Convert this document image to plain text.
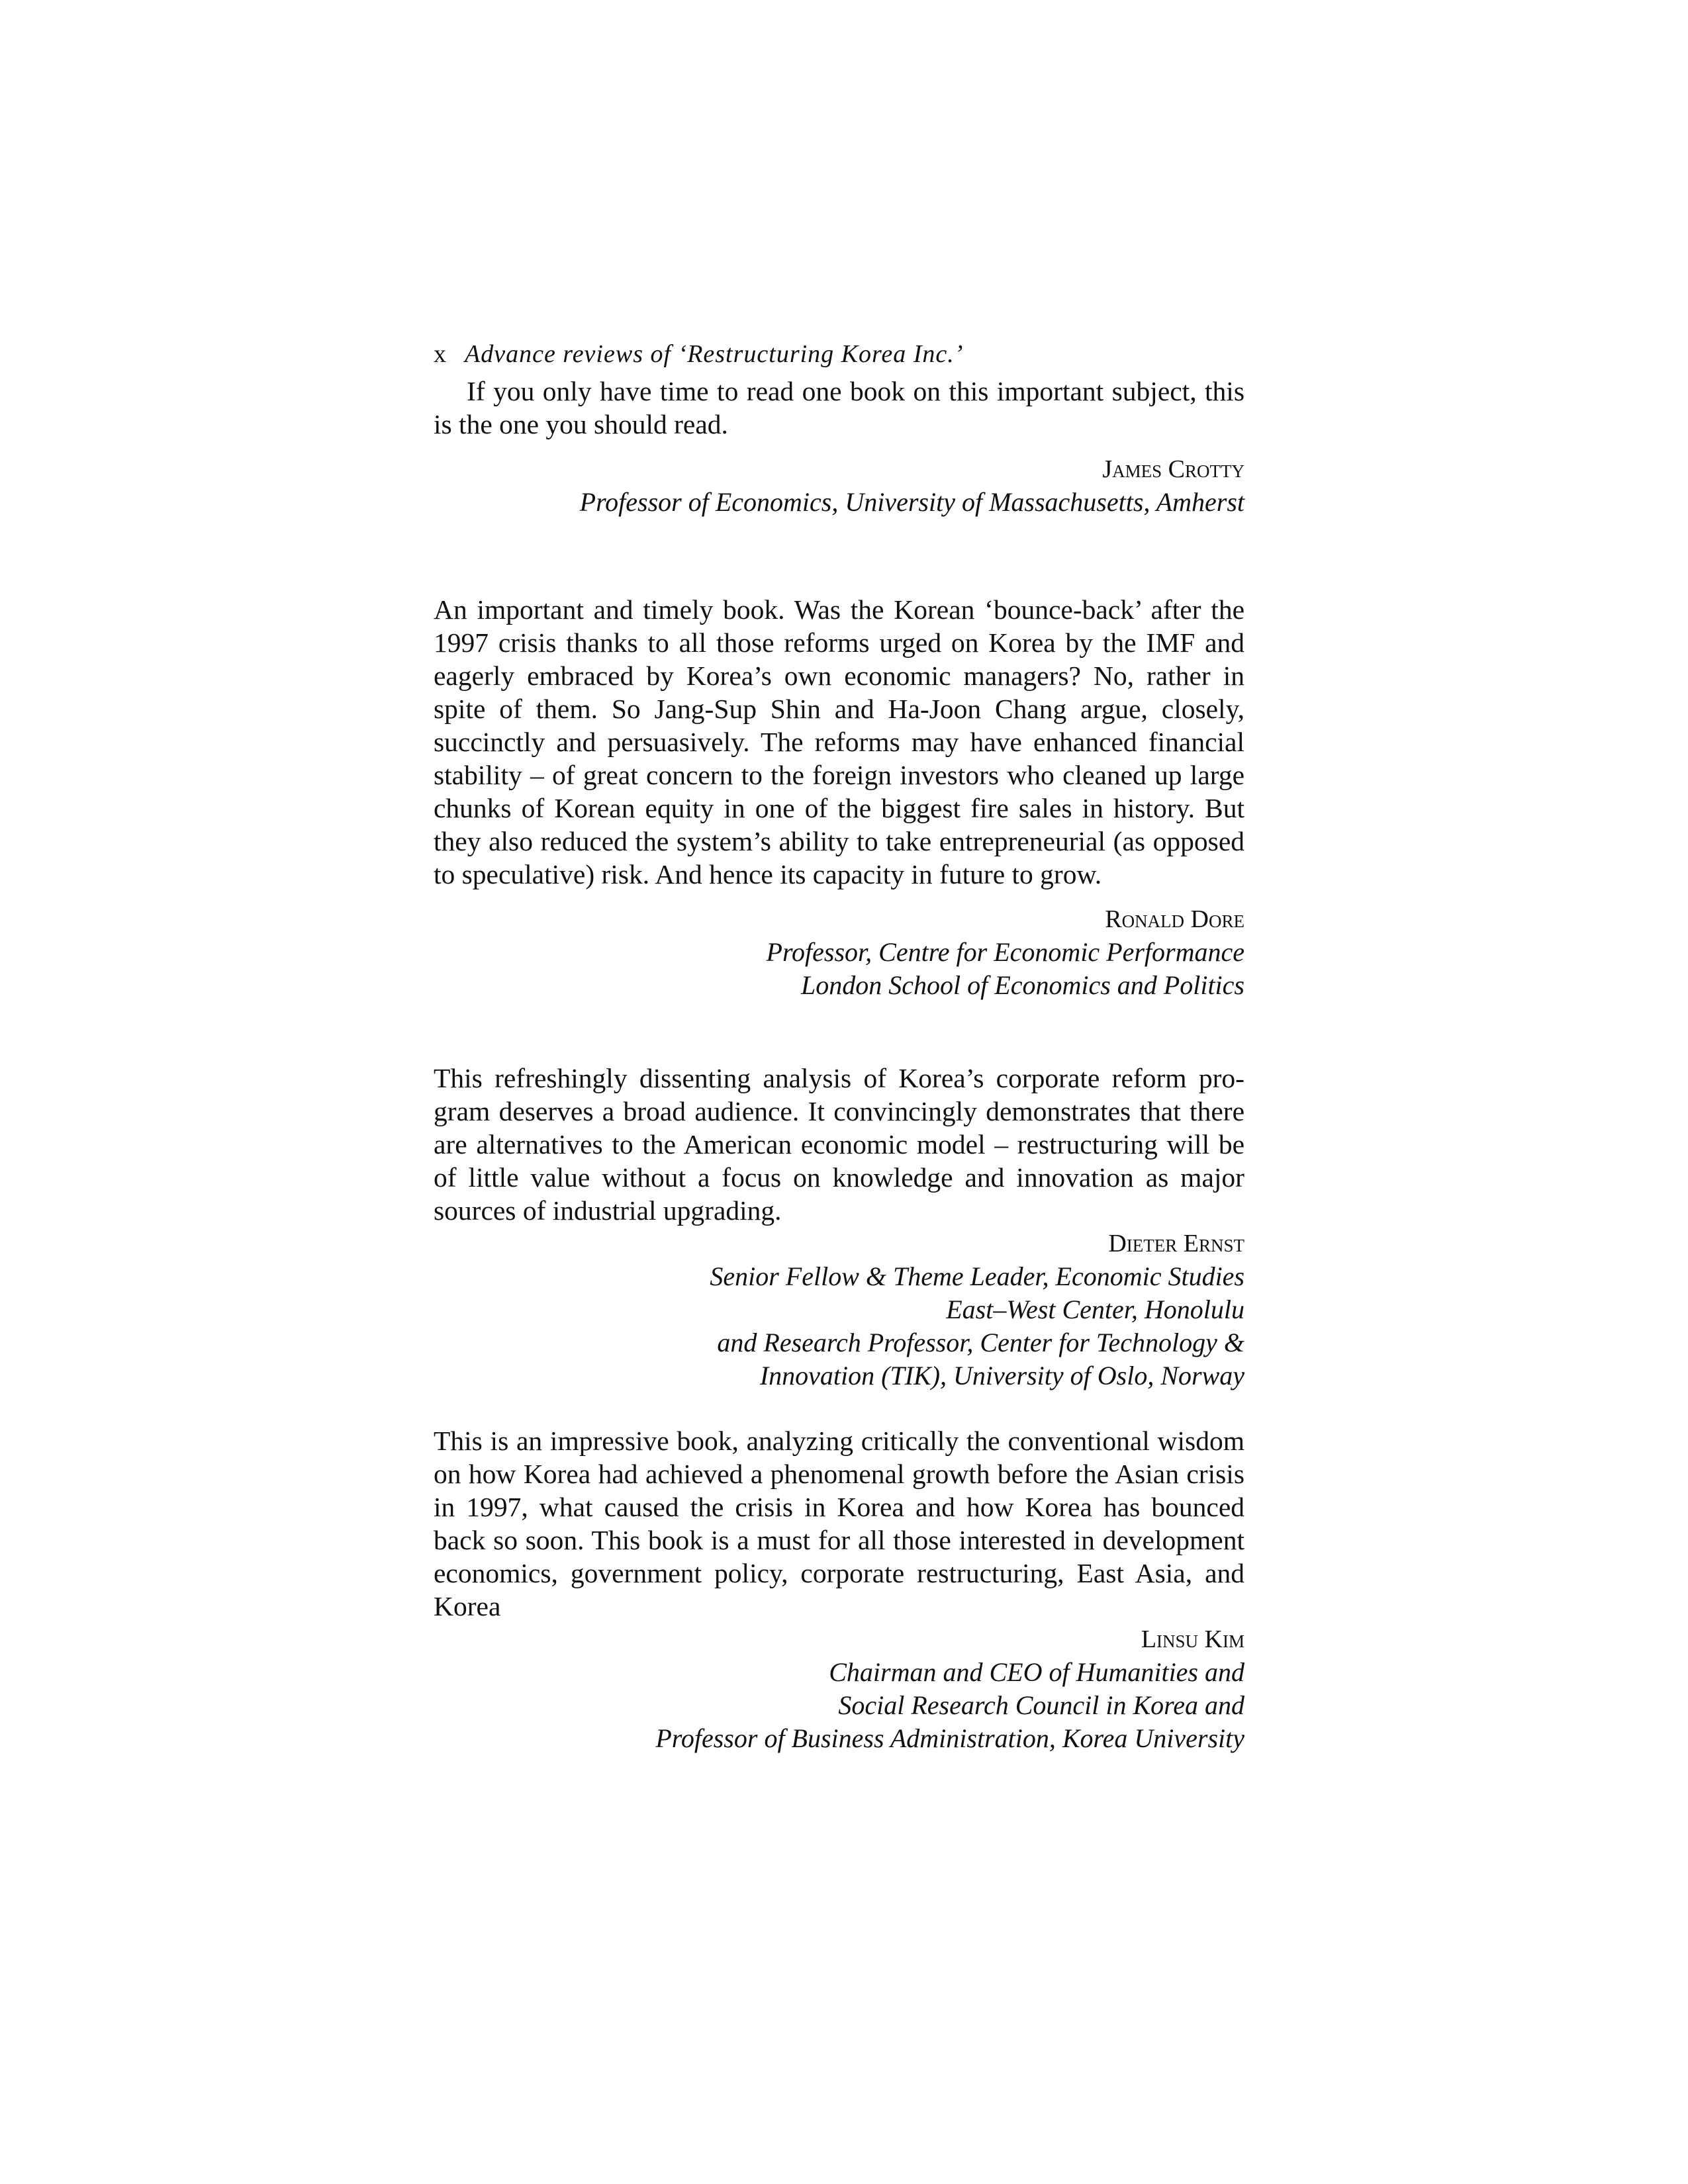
x Advance reviews of ‘Restructuring Korea Inc.’

If you only have time to read one book on this important subject, this is the one you should read.

James Crotty
Professor of Economics, University of Massachusetts, Amherst

An important and timely book. Was the Korean ‘bounce-back’ after the 1997 crisis thanks to all those reforms urged on Korea by the IMF and eagerly embraced by Korea’s own economic managers? No, rather in spite of them. So Jang-Sup Shin and Ha-Joon Chang argue, closely, succinctly and persuasively. The reforms may have enhanced financial stability – of great concern to the foreign investors who cleaned up large chunks of Korean equity in one of the biggest fire sales in history. But they also reduced the system’s ability to take entrepreneurial (as opposed to speculative) risk. And hence its capacity in future to grow.

Ronald Dore
Professor, Centre for Economic Performance
London School of Economics and Politics

This refreshingly dissenting analysis of Korea’s corporate reform program deserves a broad audience. It convincingly demonstrates that there are alternatives to the American economic model – restructuring will be of little value without a focus on knowledge and innovation as major sources of industrial upgrading.

Dieter Ernst
Senior Fellow & Theme Leader, Economic Studies
East–West Center, Honolulu
and Research Professor, Center for Technology &
Innovation (TIK), University of Oslo, Norway

This is an impressive book, analyzing critically the conventional wisdom on how Korea had achieved a phenomenal growth before the Asian crisis in 1997, what caused the crisis in Korea and how Korea has bounced back so soon. This book is a must for all those interested in development economics, government policy, corporate restructuring, East Asia, and Korea

Linsu Kim
Chairman and CEO of Humanities and
Social Research Council in Korea and
Professor of Business Administration, Korea University
